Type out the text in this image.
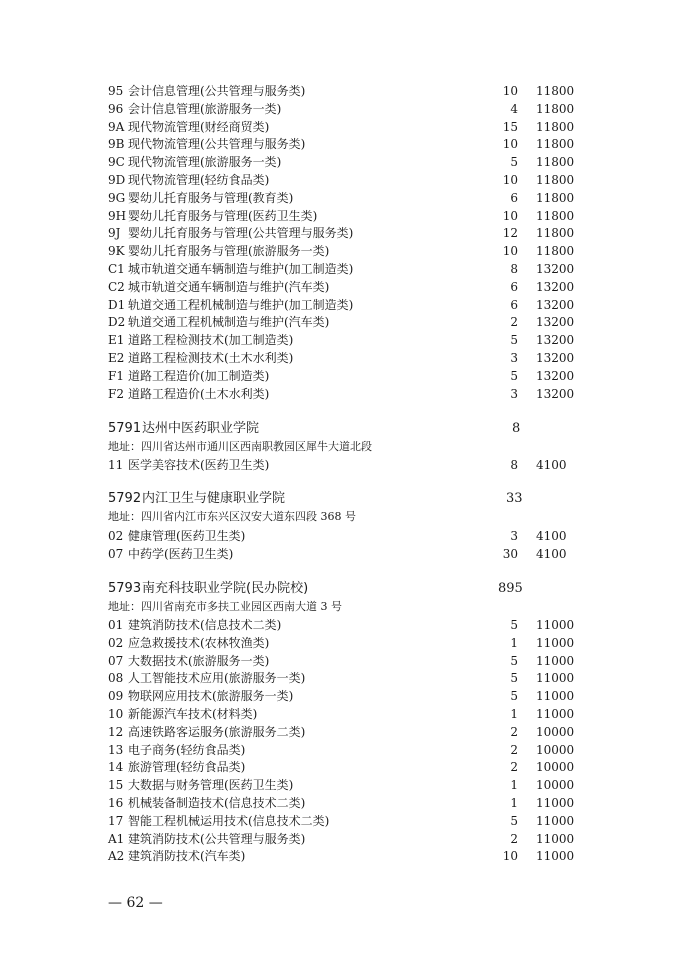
95 会计信息管理(公共管理与服务类)	10 11800
96 会计信息管理(旅游服务一类)	4 11800
9A 现代物流管理(财经商贸类)	15 11800
9B 现代物流管理(公共管理与服务类)	10 11800
9C 现代物流管理(旅游服务一类)	5 11800
9D 现代物流管理(轻纺食品类)	10 11800
9G 婴幼儿托育服务与管理(教育类)	6 11800
9H 婴幼儿托育服务与管理(医药卫生类)	10 11800
9J 婴幼儿托育服务与管理(公共管理与服务类)	12 11800
9K 婴幼儿托育服务与管理(旅游服务一类)	10 11800
C1 城市轨道交通车辆制造与维护(加工制造类)	8 13200
C2 城市轨道交通车辆制造与维护(汽车类)	6 13200
D1 轨道交通工程机械制造与维护(加工制造类)	6 13200
D2 轨道交通工程机械制造与维护(汽车类)	2 13200
E1 道路工程检测技术(加工制造类)	5 13200
E2 道路工程检测技术(土木水利类)	3 13200
F1 道路工程造价(加工制造类)	5 13200
F2 道路工程造价(土木水利类)	3 13200
5791 达州中医药职业学院	8
地址：四川省达州市通川区西南职教园区犀牛大道北段
11 医学美容技术(医药卫生类)	8 4100
5792 内江卫生与健康职业学院	33
地址：四川省内江市东兴区汉安大道东四段 368 号
02 健康管理(医药卫生类)	3 4100
07 中药学(医药卫生类)	30 4100
5793 南充科技职业学院(民办院校)	895
地址：四川省南充市多扶工业园区西南大道 3 号
01 建筑消防技术(信息技术二类)	5 11000
02 应急救援技术(农林牧渔类)	1 11000
07 大数据技术(旅游服务一类)	5 11000
08 人工智能技术应用(旅游服务一类)	5 11000
09 物联网应用技术(旅游服务一类)	5 11000
10 新能源汽车技术(材料类)	1 11000
12 高速铁路客运服务(旅游服务二类)	2 10000
13 电子商务(轻纺食品类)	2 10000
14 旅游管理(轻纺食品类)	2 10000
15 大数据与财务管理(医药卫生类)	1 10000
16 机械装备制造技术(信息技术二类)	1 11000
17 智能工程机械运用技术(信息技术二类)	5 11000
A1 建筑消防技术(公共管理与服务类)	2 11000
A2 建筑消防技术(汽车类)	10 11000
— 62 —
